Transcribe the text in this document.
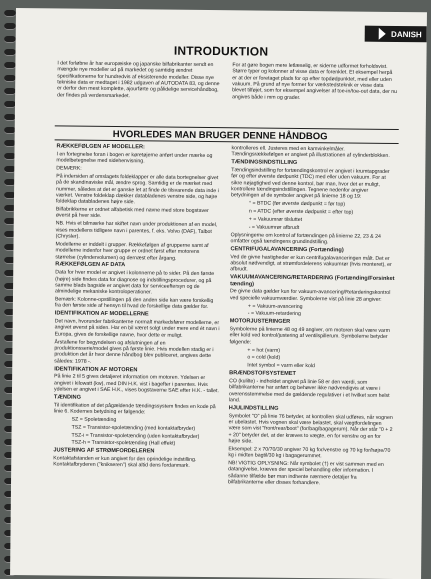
DANISH
INTRODUKTION
I det forløbne år har europæiske og japanske bilfabrikanter sendt en mængde nye modeller ud på markedet og samtidig ændret specifikationerne for hundredvis af eksisterende modeller. Disse nye tekniske data er medtaget i 1982 udgaven af AUTODATA 83, og denne er derfor den mest komplette, ajourførte og pålidelige servicehåndbog, der findes på verdensmarkedet.
For at gøre bogen mere letlæselig, er siderne udformet forholdsvist. Større typer og kolonner af visse data er forenklet. Et eksempel herpå er at der er foretaget plads for op efter topdødpunktet, med eller uden vakuum. På grund af nye former for værkstedsteknik er visse data blevet tilføjet, som for eksempel angivelser af toe-in/toe-out data, der nu angives både i mm og grader.
HVORLEDES MAN BRUGER DENNE HÅNDBOG

RÆKKEFØLGEN AF MODELLER:

I en fortegnelse foran i bogen er køretøjerne anført under mærke og modelbetegnelse med sidehenvisning.

DEMÆRK:

På indersiden af omslagets foldeklapper er alle data bortegnelser givet på de skandinaviske mål, ændre sprog. Samtidig er de mærket med nummer, således at det er ganske let at finde de tilsvarende data inde i værket. Venstre foldeklap dækker databladenes venstre side, og højre foldeklap databladenes højre side.

Bilfabrikkerne er ordnet alfabetisk med navne med store bogstaver øverst på hver side.

NB. Hvis et bilmærke har skiftet navn under produktionen af en model, vises modellens tidligere navn i parentes, f. eks. Volvo (DAF), Talbot (Chrysler).

Modellerne er inddelt i grupper. Rækkefølgen af grupperne samt af modellerne indenfor hver gruppe er ordnet først efter motorens størrelse (cylindervolumen) og dernæst efter årgang.

RÆKKEFØLGEN AF DATA

Data for hver model er angivet i kolonnerne på to sider. På den første (højre) side findes data for diagnose og indstillingsprocedurer, og på samme blads bagside er angivet data for serviceeftersyn og de almindelige mekaniske kontroloperationer.

Bemærk: Kolonne-opstillingen på den anden side kan være forskellig fra den første side af hensyn til hvad de forskellige data gælder for.

IDENTIFIKATION AF MODELLERNE

Det navn, hvorunder fabrikanterne normalt markedsfører modellerne, er angivet øverst på siden. Har en bil været solgt under mere end ét navn i Europa, gives de forskellige navne, hvor dette er muligt.

Årstallene for begyndelsen og afslutningen af en produktionsserie/model gives på første linie. Hvis modellen stadig er i produktion det år hvor denne håndbog blev publiceret, angives dette således: 1978 -.

IDENTIFIKATION AF MOTOREN

På linie 2 til 5 gives detaljeret information om motoren. Ydelsen er angivet i kilowatt (kw), med DIN H.K. vist i bagefter i parentes. Hvis ydelsen er angivet i SAE H.K., vises bogstaverne SAE efter H.K. - tallet.

TÆNDING

Til identifikation af det pågældende tændingssystem findes en kode på linie 6. Kodernes betydning er følgende:

SZ = Spoletænding

TSZ = Transistor-spoletænding (med kontaktafbryder)

TSZ-i = Transistor-spoletænding (uden kontaktafbryder)

TSZ-h = Transistor-spoletænding (Hall effekt)

JUSTERING AF STRØMFORDELEREN

Kontaktafstanden er kun angivet for den oprindelige indstilling. Kontaktafbryderen ("knikseren") skal altid dens fordanmark.

kontrolleres ell. Justeres med en kamvinkelmåler. Tændingsrækkefølgen er angivet på illustrationen af cylinderblokken.

TÆNDINGSINDSTILLING

Tændingsindstilling for fortændingskontrol er angivet i krumtapgrader før og efter øverste dødpunkt (TDC) med eller uden vakuum. For at sikre nøjagtighed ved denne kontrol, bør man, hvor det er muligt, kontrollere tændingsindstillingen. Tegnene nedenfor angiver betydningen af de symboler angivet på linierne 18 og 19:

° = BTDC (før øverste dødpunkt = før top)

n = ATDC (efter øverste dødpunkt = efter top)

+ = Vakuumrør tilsluttet

- = Vakuumrør afbrudt

Oplysningerne om kontrol af fortændingen på linierne 22, 23 & 24 omfatter også tændingens grundindstilling.

CENTRIFUGALAVANCERING (Fortænding)

Ved de givne hastigheder er kun centrifugalavanceringen målt. Det er absolut nødvendigt, at strømfordelerens vakuumrør (hvis monteret), er afbrudt.

VAKUUMAVANCERING/RETARDERING (Fortænding/Forsinket tænding)

De givne data gælder kun for vakuum-avancering/Retarderingskontrol ved specielle vakuumværdier. Symbolerne vist på linie 28 angiver:

+ = Vakuum-avancering

- = Vakuum-retardering

MOTORJUSTERINGER

Symbolerne på linierne 48 og 49 angiver, om motoren skal være varm eller kold ved kontrol/justering af ventilspillerum. Symbolerne betyder følgende:

+ = hot (varm)

o = cold (kold)

Intet symbol = varm eller kold

BRÆNDSTOFSYSTEMET

CO (kulilte) - indholdet angivet på linie 58 er den værdi, som bilfabrikanterne har anført og behøver ikke nødvendigvis at være i overensstemmelse med de gældende regulativer i et hvilket som helst land.

HJULINDSTILLING

Symbolet "O" på linie 76 betyder, at kontrollen skal udføres, når vognen er ubelastet. Hvis vognen skal være belastet, skal vægtfordelingen være som vist "front/rear/boot" (for/bag/bagagerum). Når der står "0 + 2 + 20" betyder det, at der kræves to vægte, en for venstre og en for højre side.

Eksempel: 2 x 70/70/30 angiver 70 kg for/venstre og 70 kg for/højre/70 kg i midten bagtil/30 kg i bagagerummet.

NB! VIGTIG OPLYSNING: Når symbolet (†) er vist sammen med en datangivelse, kræves der speciel behandling eller information. I sådanne tilfælde bør man indhente nærmere detaljer fra bilfabrikanterne eller disses forhandlere.
